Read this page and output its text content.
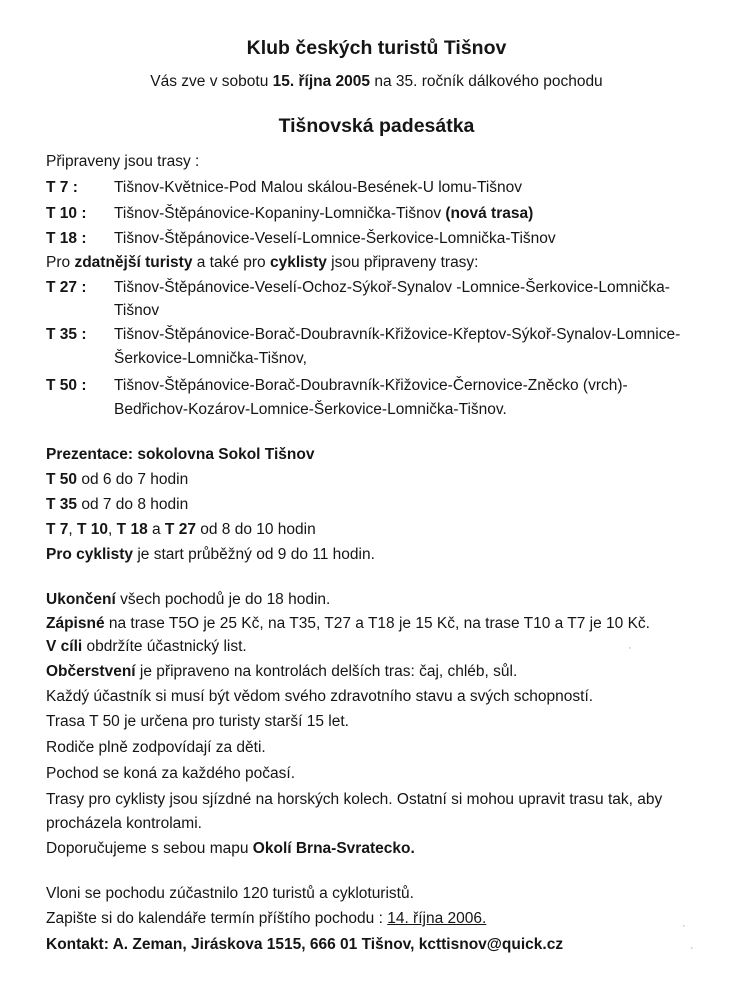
Klub českých turistů Tišnov
Vás zve v sobotu 15. října 2005 na 35. ročník dálkového pochodu
Tišnovská padesátka
Připraveny jsou trasy :
T 7 : Tišnov-Květnice-Pod Malou skálou-Besének-U lomu-Tišnov
T 10 : Tišnov-Štěpánovice-Kopaniny-Lomnička-Tišnov (nová trasa)
T 18 : Tišnov-Štěpánovice-Veselí-Lomnice-Šerkovice-Lomnička-Tišnov
Pro zdatnější turisty a také pro cyklisty jsou připraveny trasy:
T 27 : Tišnov-Štěpánovice-Veselí-Ochoz-Sýkoř-Synalov -Lomnice-Šerkovice-Lomnička-
Tišnov
T 35 : Tišnov-Štěpánovice-Borač-Doubravník-Křižovice-Křeptov-Sýkoř-Synalov-Lomnice-
Šerkovice-Lomnička-Tišnov,
T 50 : Tišnov-Štěpánovice-Borač-Doubravník-Křižovice-Černovice-Zněcko (vrch)-
Bedřichov-Kozárov-Lomnice-Šerkovice-Lomnička-Tišnov.
Prezentace: sokolovna Sokol Tišnov
T 50 od 6 do 7 hodin
T 35 od 7 do 8 hodin
T 7, T 10, T 18 a T 27 od 8 do 10 hodin
Pro cyklisty je start průběžný od 9 do 11 hodin.
Ukončení všech pochodů je do 18 hodin.
Zápisné na trase T5O je 25 Kč, na T35, T27 a T18 je 15 Kč, na trase T10 a T7 je 10 Kč.
V cíli obdržíte účastnický list.
Občerstvení je připraveno na kontrolách delších tras: čaj, chléb, sůl.
Každý účastník si musí být vědom svého zdravotního stavu a svých schopností.
Trasa T 50 je určena pro turisty starší 15 let.
Rodiče plně zodpovídají za děti.
Pochod se koná za každého počasí.
Trasy pro cyklisty jsou sjízdné na horských kolech. Ostatní si mohou upravit trasu tak, aby
procházela kontrolami.
Doporučujeme s sebou mapu Okolí Brna-Svratecko.
Vloni se pochodu zúčastnilo 120 turistů a cykloturistů.
Zapište si do kalendáře termín příštího pochodu : 14. října 2006.
Kontakt: A. Zeman, Jiráskova 1515, 666 01 Tišnov, kcttisnov@quick.cz
·
·
·
